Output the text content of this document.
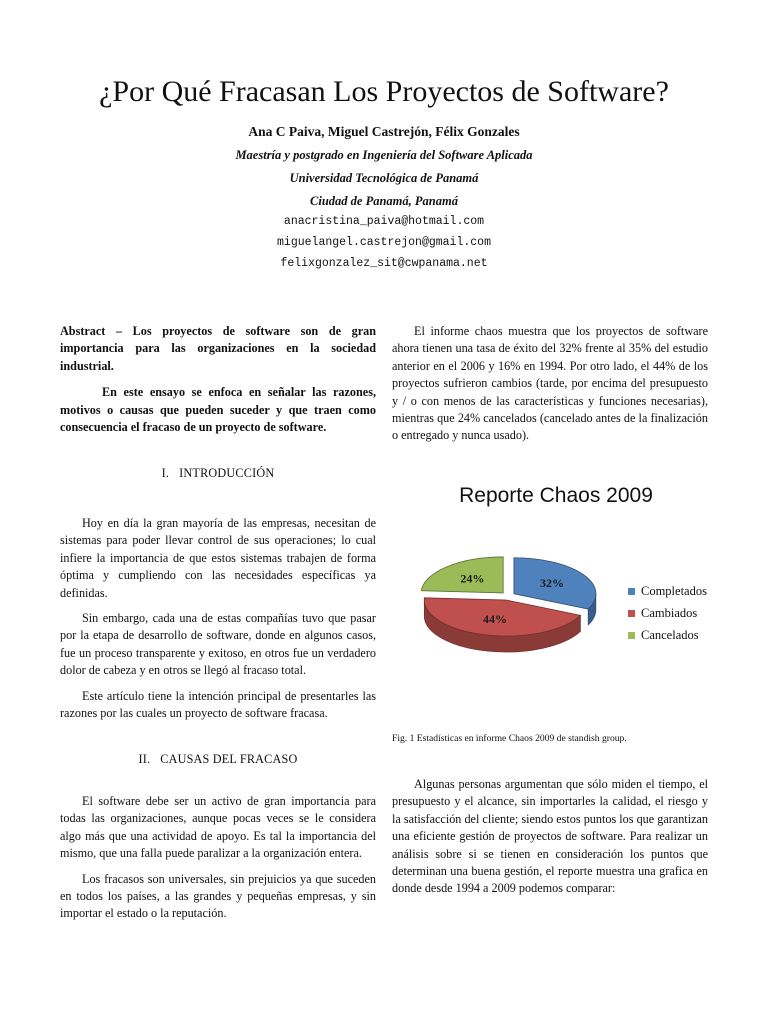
¿Por Qué Fracasan Los Proyectos de Software?
Ana C Paiva, Miguel Castrejón, Félix Gonzales
Maestría y postgrado en Ingeniería del Software Aplicada
Universidad Tecnológica de Panamá
Ciudad de Panamá, Panamá
anacristina_paiva@hotmail.com
miguelangel.castrejon@gmail.com
felixgonzalez_sit@cwpanama.net

Abstract – Los proyectos de software son de gran importancia para las organizaciones en la sociedad industrial.

En este ensayo se enfoca en señalar las razones, motivos o causas que pueden suceder y que traen como consecuencia el fracaso de un proyecto de software.

I. INTRODUCCIÓN

Hoy en día la gran mayoría de las empresas, necesitan de sistemas para poder llevar control de sus operaciones; lo cual infiere la importancia de que estos sistemas trabajen de forma óptima y cumpliendo con las necesidades específicas ya definidas.

Sin embargo, cada una de estas compañías tuvo que pasar por la etapa de desarrollo de software, donde en algunos casos, fue un proceso transparente y exitoso, en otros fue un verdadero dolor de cabeza y en otros se llegó al fracaso total.

Este artículo tiene la intención principal de presentarles las razones por las cuales un proyecto de software fracasa.

II. CAUSAS DEL FRACASO

El software debe ser un activo de gran importancia para todas las organizaciones, aunque pocas veces se le considera algo más que una actividad de apoyo. Es tal la importancia del mismo, que una falla puede paralizar a la organización entera.

Los fracasos son universales, sin prejuicios ya que suceden en todos los países, a las grandes y pequeñas empresas, y sin importar el estado o la reputación.

El informe chaos muestra que los proyectos de software ahora tienen una tasa de éxito del 32% frente al 35% del estudio anterior en el 2006 y 16% en 1994. Por otro lado, el 44% de los proyectos sufrieron cambios (tarde, por encima del presupuesto y / o con menos de las características y funciones necesarias), mientras que 24% cancelados (cancelado antes de la finalización o entregado y nunca usado).

Reporte Chaos 2009
32%
44%
24%
Completados
Cambiados
Cancelados
Fig. 1 Estadísticas en informe Chaos 2009 de standish group.

Algunas personas argumentan que sólo miden el tiempo, el presupuesto y el alcance, sin importarles la calidad, el riesgo y la satisfacción del cliente; siendo estos puntos los que garantizan una eficiente gestión de proyectos de software. Para realizar un análisis sobre si se tienen en consideración los puntos que determinan una buena gestión, el reporte muestra una grafica en donde desde 1994 a 2009 podemos comparar:
